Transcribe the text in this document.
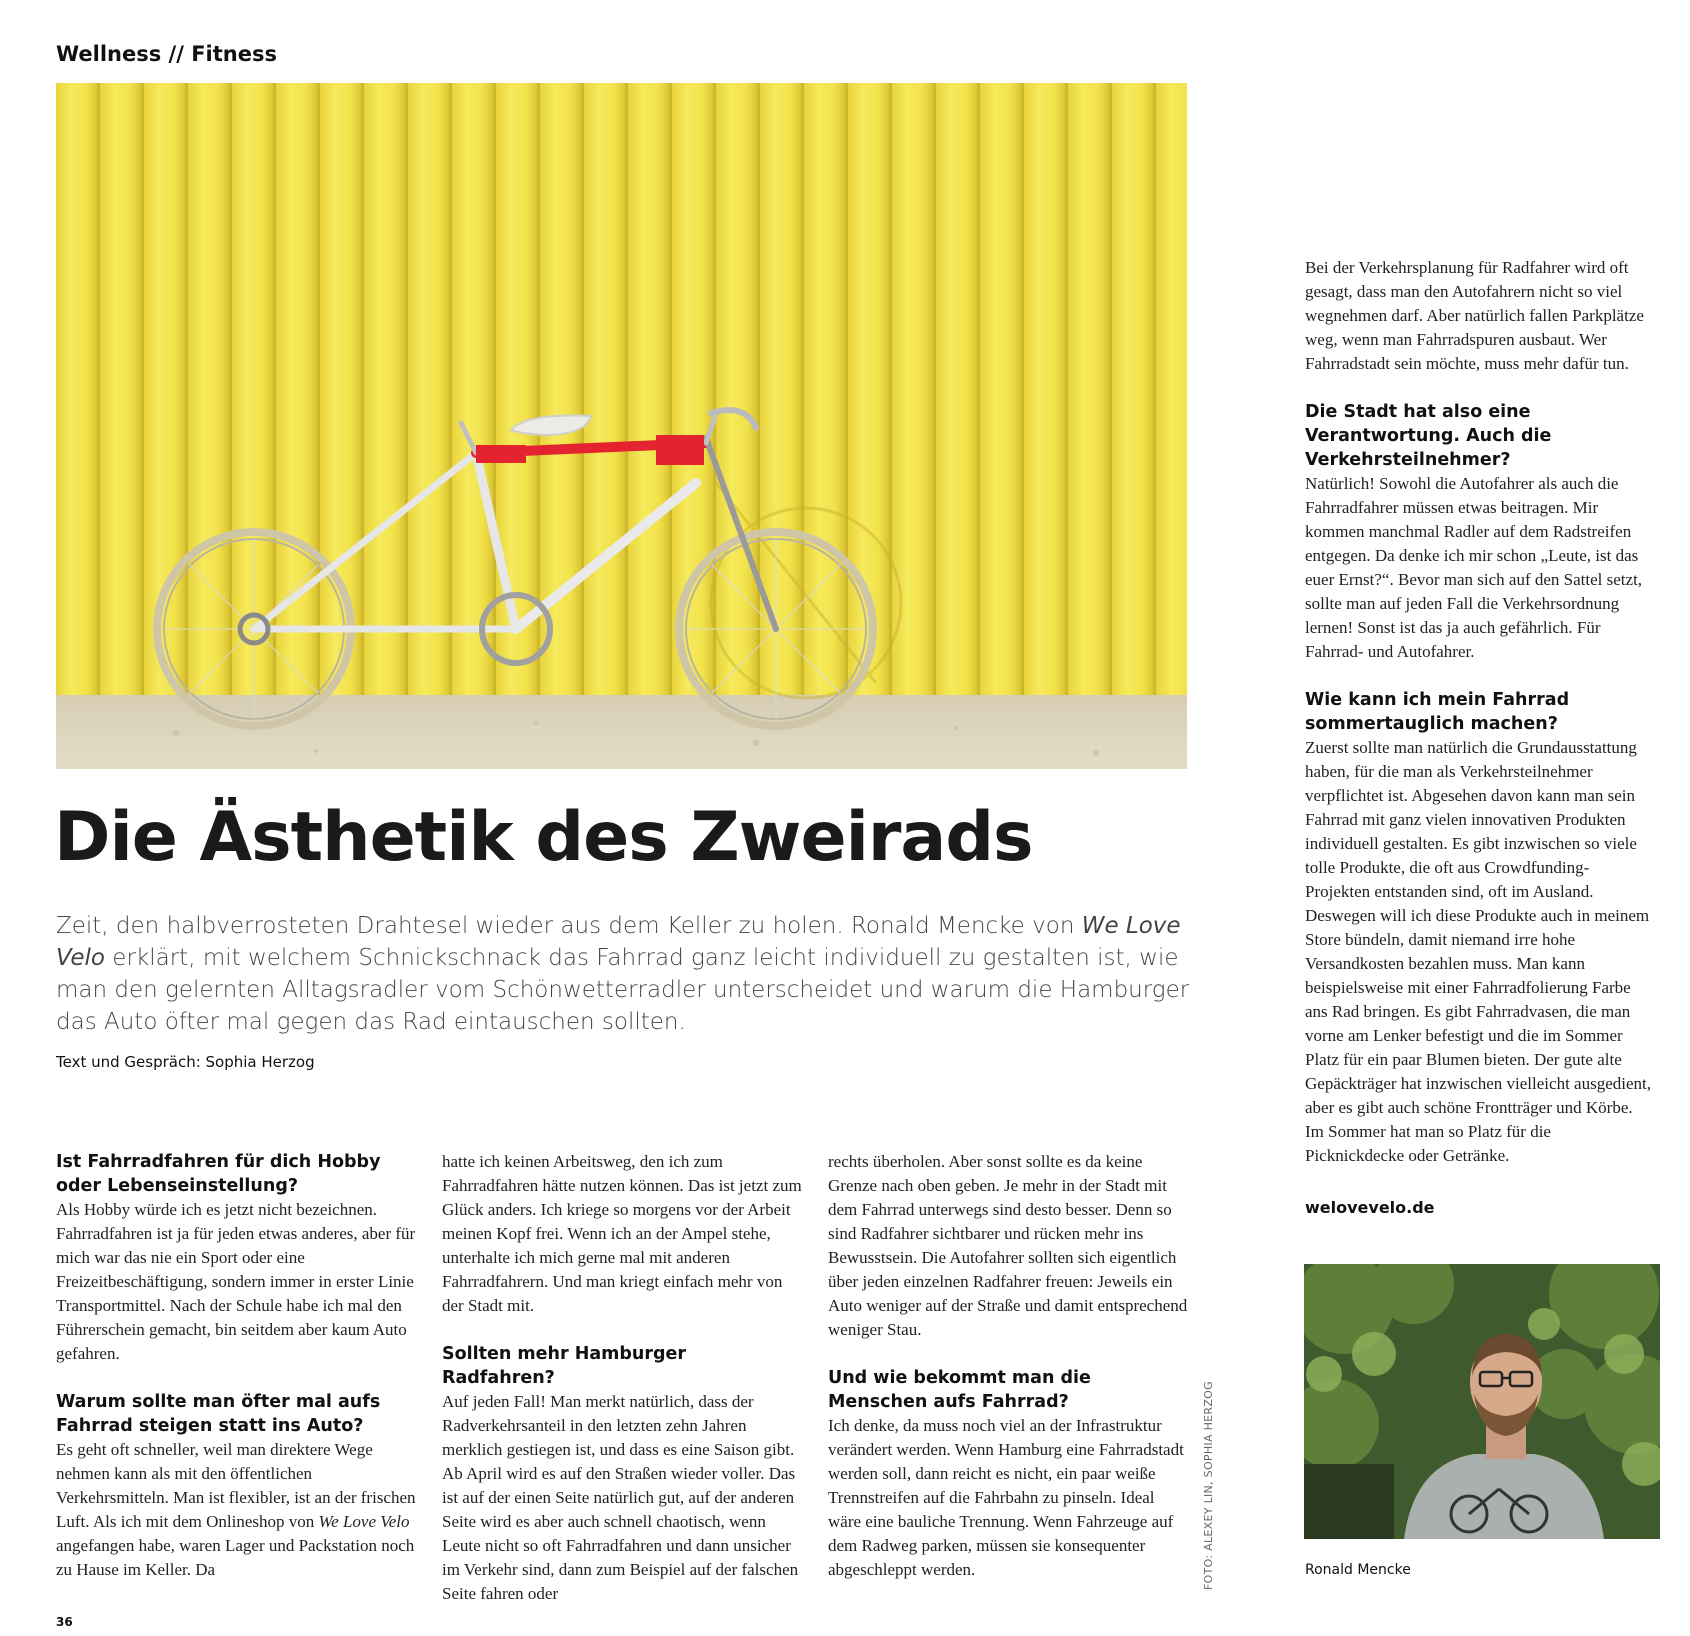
Wellness // Fitness
Die Ästhetik des Zweirads
Zeit, den halbverrosteten Drahtesel wieder aus dem Keller zu holen. Ronald Mencke von We Love Velo erklärt, mit welchem Schnickschnack das Fahrrad ganz leicht individuell zu gestalten ist, wie man den gelernten Alltagsradler vom Schönwetterradler unterscheidet und warum die Hamburger das Auto öfter mal gegen das Rad eintauschen sollten.
Text und Gespräch: Sophia Herzog

Ist Fahrradfahren für dich Hobby oder Lebenseinstellung?

Als Hobby würde ich es jetzt nicht bezeichnen. Fahrradfahren ist ja für jeden etwas anderes, aber für mich war das nie ein Sport oder eine Freizeitbeschäftigung, sondern immer in erster Linie Transportmittel. Nach der Schule habe ich mal den Führerschein gemacht, bin seitdem aber kaum Auto gefahren.

Warum sollte man öfter mal aufs Fahrrad steigen statt ins Auto?

Es geht oft schneller, weil man direktere Wege nehmen kann als mit den öffentlichen Verkehrsmitteln. Man ist flexibler, ist an der frischen Luft. Als ich mit dem Onlineshop von We Love Velo angefangen habe, waren Lager und Packstation noch zu Hause im Keller. Da

hatte ich keinen Arbeitsweg, den ich zum Fahrradfahren hätte nutzen können. Das ist jetzt zum Glück anders. Ich kriege so morgens vor der Arbeit meinen Kopf frei. Wenn ich an der Ampel stehe, unterhalte ich mich gerne mal mit anderen Fahrradfahrern. Und man kriegt einfach mehr von der Stadt mit.

Sollten mehr Hamburger Radfahren?

Auf jeden Fall! Man merkt natürlich, dass der Radverkehrsanteil in den letzten zehn Jahren merklich gestiegen ist, und dass es eine Saison gibt. Ab April wird es auf den Straßen wieder voller. Das ist auf der einen Seite natürlich gut, auf der anderen Seite wird es aber auch schnell chaotisch, wenn Leute nicht so oft Fahrradfahren und dann unsicher im Verkehr sind, dann zum Beispiel auf der falschen Seite fahren oder

rechts überholen. Aber sonst sollte es da keine Grenze nach oben geben. Je mehr in der Stadt mit dem Fahrrad unterwegs sind desto besser. Denn so sind Radfahrer sichtbarer und rücken mehr ins Bewusstsein. Die Autofahrer sollten sich eigentlich über jeden einzelnen Radfahrer freuen: Jeweils ein Auto weniger auf der Straße und damit entsprechend weniger Stau.

Und wie bekommt man die Menschen aufs Fahrrad?

Ich denke, da muss noch viel an der Infrastruktur verändert werden. Wenn Hamburg eine Fahrradstadt werden soll, dann reicht es nicht, ein paar weiße Trennstreifen auf die Fahrbahn zu pinseln. Ideal wäre eine bauliche Trennung. Wenn Fahrzeuge auf dem Radweg parken, müssen sie konsequenter abgeschleppt werden.	FOTO: ALEXEY LIN, SOPHIA HERZOG

Bei der Verkehrsplanung für Radfahrer wird oft gesagt, dass man den Autofahrern nicht so viel wegnehmen darf. Aber natürlich fallen Parkplätze weg, wenn man Fahrradspuren ausbaut. Wer Fahrradstadt sein möchte, muss mehr dafür tun.

Die Stadt hat also eine Verantwortung. Auch die Verkehrsteilnehmer?

Natürlich! Sowohl die Autofahrer als auch die Fahrradfahrer müssen etwas beitragen. Mir kommen manchmal Radler auf dem Radstreifen entgegen. Da denke ich mir schon „Leute, ist das euer Ernst?“. Bevor man sich auf den Sattel setzt, sollte man auf jeden Fall die Verkehrsordnung lernen! Sonst ist das ja auch gefährlich. Für Fahrrad- und Autofahrer.

Wie kann ich mein Fahrrad sommertauglich machen?

Zuerst sollte man natürlich die Grundausstattung haben, für die man als Verkehrsteilnehmer verpflichtet ist. Abgesehen davon kann man sein Fahrrad mit ganz vielen innovativen Produkten individuell gestalten. Es gibt inzwischen so viele tolle Produkte, die oft aus Crowdfunding-Projekten entstanden sind, oft im Ausland. Deswegen will ich diese Produkte auch in meinem Store bündeln, damit niemand irre hohe Versandkosten bezahlen muss. Man kann beispielsweise mit einer Fahrradfolierung Farbe ans Rad bringen. Es gibt Fahrradvasen, die man vorne am Lenker befestigt und die im Sommer Platz für ein paar Blumen bieten. Der gute alte Gepäckträger hat inzwischen vielleicht ausgedient, aber es gibt auch schöne Frontträger und Körbe. Im Sommer hat man so Platz für die Picknickdecke oder Getränke.

welovevelo.de
Ronald Mencke
36
